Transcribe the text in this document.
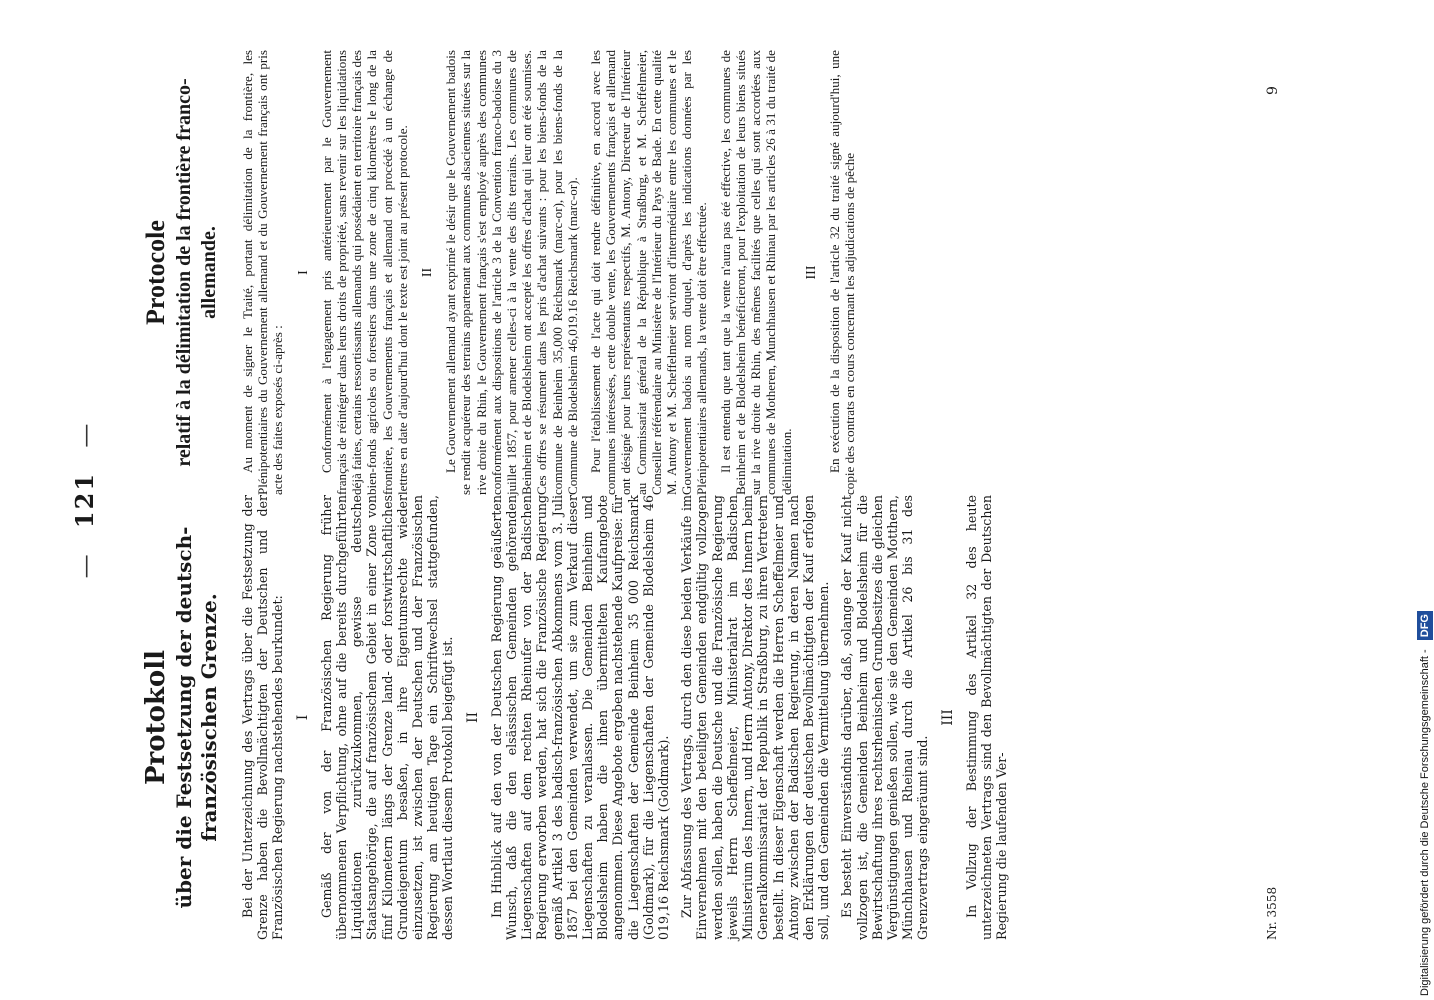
— 121 —
Protokoll über die Festsetzung der deutsch-französischen Grenze. Bei der Unterzeichnung des Vertrags über die Festsetzung der Grenze haben die Bevollmächtigten der Deutschen und der Französischen Regierung nachstehendes beurkundet: I Gemäß der von der Französischen Regierung früher übernommenen Verpflichtung, ohne auf die bereits durchgeführten Liquidationen zurückzukommen, gewisse deutsche Staatsangehörige, die auf französischem Gebiet in einer Zone von fünf Kilometern längs der Grenze land- oder forstwirtschaftliches Grundeigentum besaßen, in ihre Eigentumsrechte wieder einzusetzen, ist zwischen der Deutschen und der Französischen Regierung am heutigen Tage ein Schriftwechsel stattgefunden, dessen Wortlaut diesem Protokoll beigefügt ist. II Im Hinblick auf den von der Deutschen Regierung geäußerten Wunsch, daß die den elsässischen Gemeinden gehörenden Liegenschaften auf dem rechten Rheinufer von der Badischen Regierung erworben werden, hat sich die Französische Regierung gemäß Artikel 3 des badisch-französischen Abkommens vom 3. Juli 1857 bei den Gemeinden verwendet, um sie zum Verkauf dieser Liegenschaften zu veranlassen. Die Gemeinden Beinheim und Blodelsheim haben die ihnen übermittelten Kaufangebote angenommen. Diese Angebote ergeben nachstehende Kaufpreise: für die Liegenschaften der Gemeinde Beinheim 35 000 Reichsmark (Goldmark), für die Liegenschaften der Gemeinde Blodelsheim 46 019,16 Reichsmark (Goldmark). Zur Abfassung des Vertrags, durch den diese beiden Verkäufe im Einvernehmen mit den beteiligten Gemeinden endgültig vollzogen werden sollen, haben die Deutsche und die Französische Regierung jeweils Herrn Scheffelmeier, Ministerialrat im Badischen Ministerium des Innern, und Herrn Antony, Direktor des Innern beim Generalkommissariat der Republik in Straßburg, zu ihren Vertretern bestellt. In dieser Eigenschaft werden die Herren Scheffelmeier und Antony zwischen der Badischen Regierung, in deren Namen nach den Erklärungen der deutschen Bevollmächtigten der Kauf erfolgen soll, und den Gemeinden die Vermittelung übernehmen. Es besteht Einverständnis darüber, daß, solange der Kauf nicht vollzogen ist, die Gemeinden Beinheim und Blodelsheim für die Bewirtschaftung ihres rechtsrheinischen Grundbesitzes die gleichen Vergünstigungen genießen sollen, wie sie den Gemeinden Motthern, Münchhausen und Rheinau durch die Artikel 26 bis 31 des Grenzvertrags eingeräumt sind.

III In Vollzug der Bestimmung des Artikel 32 des heute unterzeichneten Vertrags sind den Bevollmächtigten der Deutschen Regierung die laufenden Ver-

Protocole relatif à la délimitation de la frontière franco-allemande. Au moment de signer le Traité, portant délimitation de la frontière, les Plénipotentiaires du Gouvernement allemand et du Gouvernement français ont pris acte des faites exposés ci-après :

I Conformément à l'engagement pris antérieurement par le Gouvernement français de réintégrer dans leurs droits de propriété, sans revenir sur les liquidations déjà faites, certains ressortissants allemands qui possédaient en territoire français des bien-fonds agricoles ou forestiers dans une zone de cinq kilomètres le long de la frontière, les Gouvernements français et allemand ont procédé à un échange de lettres en date d'aujourd'hui dont le texte est joint au présent protocole. II Le Gouvernement allemand ayant exprimé le désir que le Gouvernement badois se rendit acquéreur des terrains appartenant aux communes alsaciennes situées sur la rive droite du Rhin, le Gouvernement français s'est employé auprès des communes conformément aux dispositions de l'article 3 de la Convention franco-badoise du 3 juillet 1857, pour amener celles-ci à la vente des dits terrains. Les communes de Beinheim et de Blodelsheim ont accepté les offres d'achat qui leur ont été soumises. Ces offres se résument dans les pris d'achat suivants : pour les biens-fonds de la commune de Beinheim 35,000 Reichsmark (marc-or), pour les biens-fonds de la Commune de Blodelsheim 46,019.16 Reichsmark (marc-or). Pour l'établissement de l'acte qui doit rendre définitive, en accord avec les communes intéressées, cette double vente, les Gouvernements français et allemand ont désigné pour leurs représentants respectifs, M. Antony, Directeur de l'Intérieur au Commissariat général de la République à Straßburg, et M. Scheffelmeier, Conseiller référendaire au Ministère de l'Intérieur du Pays de Bade. En cette qualité M. Antony et M. Scheffelmeier serviront d'intermédiaire entre les communes et le Gouvernement badois au nom duquel, d'après les indications données par les Plénipotentiaires allemands, la vente doit être effectuée. Il est entendu que tant que la vente n'aura pas été effective, les communes de Beinheim et de Blodelsheim bénéficieront, pour l'exploitation de leurs biens situés sur la rive droite du Rhin, des mêmes facilités que celles qui sont accordées aux communes de Motheren, Munchhausen et Rhinau par les articles 26 à 31 du traité de délimitation.

III En exécution de la disposition de l'article 32 du traité signé aujourd'hui, une copie des contrats en cours concernant les adjudications de pêche

Nr. 3558
9
Digitalisierung gefördert durch die Deutsche Forschungsgemeinschaft - DFG
